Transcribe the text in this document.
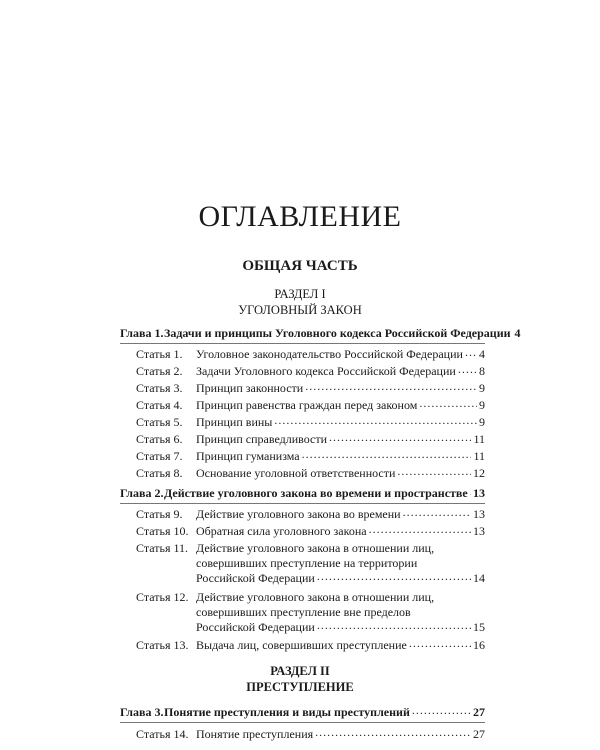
ОГЛАВЛЕНИЕ
ОБЩАЯ ЧАСТЬ
РАЗДЕЛ I
УГОЛОВНЫЙ ЗАКОН
Глава 1. Задачи и принципы Уголовного кодекса Российской Федерации 4
Статья 1.	Уголовное законодательство Российской Федерации ..... 4
Статья 2.	Задачи Уголовного кодекса Российской Федерации ..... 8
Статья 3.	Принцип законности .....	9
Статья 4.	Принцип равенства граждан перед законом .....	9
Статья 5.	Принцип вины .....	9
Статья 6.	Принцип справедливости .....	11
Статья 7.	Принцип гуманизма .....	11
Статья 8.	Основание уголовной ответственности .....	12
Глава 2. Действие уголовного закона во времени и пространстве ..... 13
Статья 9.	Действие уголовного закона во времени .....	13
Статья 10. Обратная сила уголовного закона .....	13
Статья 11. Действие уголовного закона в отношении лиц,
совершивших преступление на территории
Российской Федерации .....	14
Статья 12. Действие уголовного закона в отношении лиц,
совершивших преступление вне пределов
Российской Федерации .....	15
Статья 13. Выдача лиц, совершивших преступление .....	16
РАЗДЕЛ II
ПРЕСТУПЛЕНИЕ
Глава 3. Понятие преступления и виды преступлений .....	27
Статья 14. Понятие преступления .....	27
